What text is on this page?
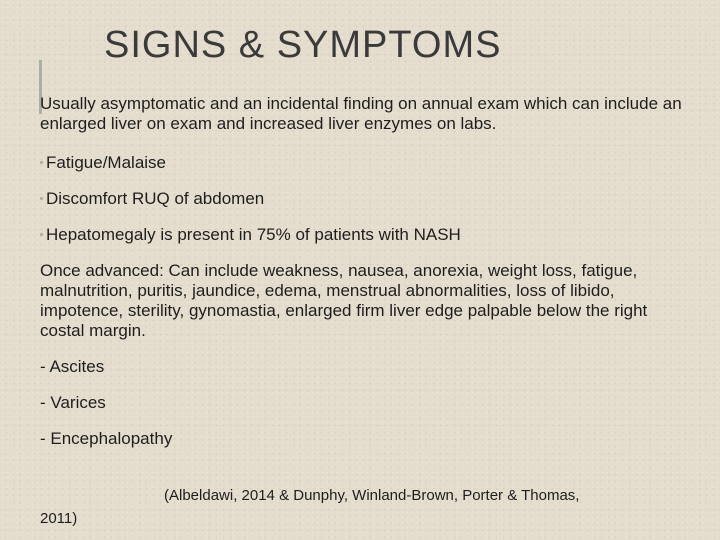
SIGNS & SYMPTOMS

Usually asymptomatic and an incidental finding on annual exam which can include an enlarged liver on exam and increased liver enzymes on labs.

Fatigue/Malaise

Discomfort RUQ of abdomen

Hepatomegaly is present in 75% of patients with NASH

Once advanced: Can include weakness, nausea, anorexia, weight loss, fatigue, malnutrition, puritis, jaundice, edema, menstrual abnormalities, loss of libido, impotence, sterility, gynomastia, enlarged firm liver edge palpable below the right costal margin.

- Ascites

- Varices

- Encephalopathy

(Albeldawi, 2014 & Dunphy, Winland-Brown, Porter & Thomas,
2011)
